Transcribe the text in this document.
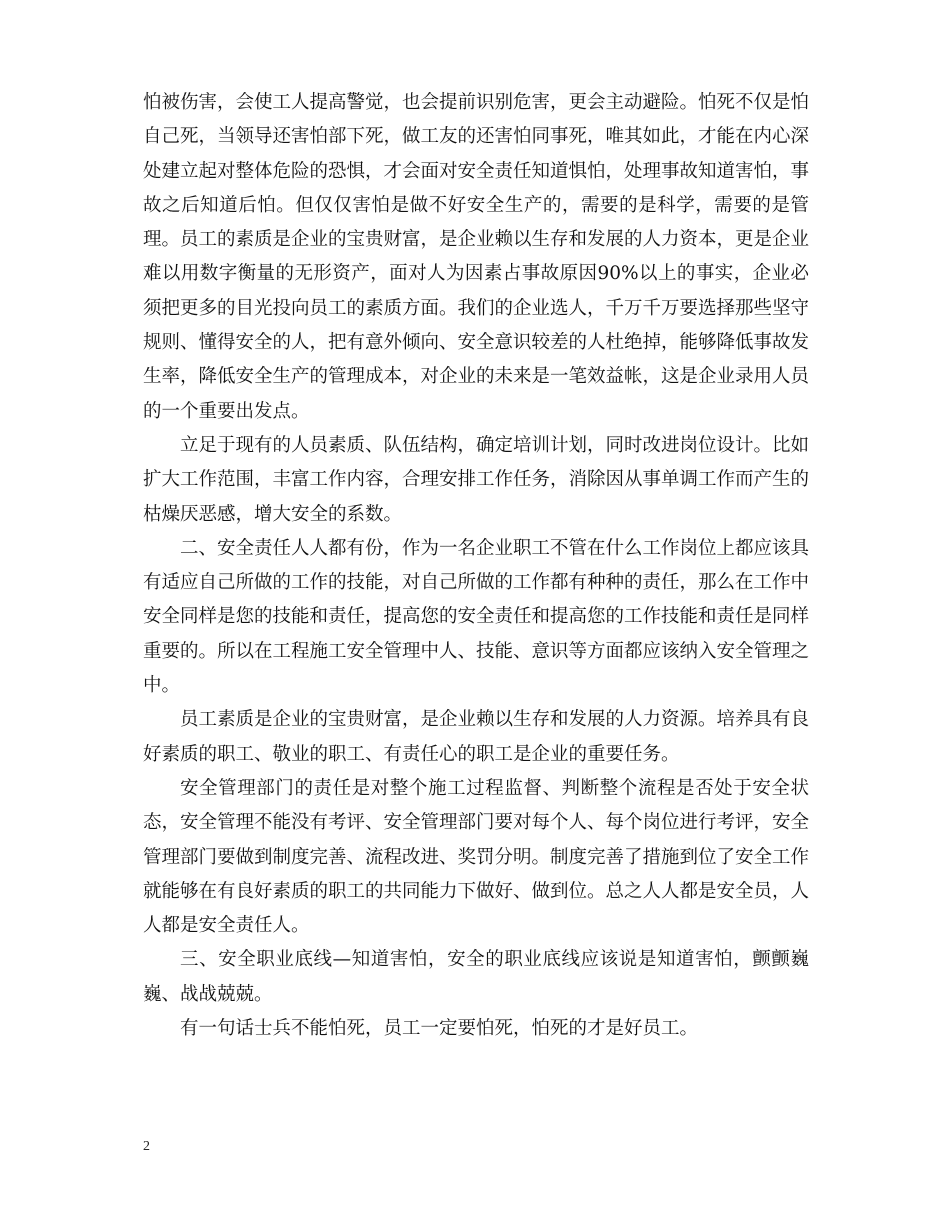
怕被伤害，会使工人提高警觉，也会提前识别危害，更会主动避险。怕死不仅是怕自己死，当领导还害怕部下死，做工友的还害怕同事死，唯其如此，才能在内心深处建立起对整体危险的恐惧，才会面对安全责任知道惧怕，处理事故知道害怕，事故之后知道后怕。但仅仅害怕是做不好安全生产的，需要的是科学，需要的是管理。员工的素质是企业的宝贵财富，是企业赖以生存和发展的人力资本，更是企业难以用数字衡量的无形资产，面对人为因素占事故原因90%以上的事实，企业必须把更多的目光投向员工的素质方面。我们的企业选人，千万千万要选择那些坚守规则、懂得安全的人，把有意外倾向、安全意识较差的人杜绝掉，能够降低事故发生率，降低安全生产的管理成本，对企业的未来是一笔效益帐，这是企业录用人员的一个重要出发点。

立足于现有的人员素质、队伍结构，确定培训计划，同时改进岗位设计。比如扩大工作范围，丰富工作内容，合理安排工作任务，消除因从事单调工作而产生的枯燥厌恶感，增大安全的系数。

二、安全责任人人都有份，作为一名企业职工不管在什么工作岗位上都应该具有适应自己所做的工作的技能，对自己所做的工作都有种种的责任，那么在工作中安全同样是您的技能和责任，提高您的安全责任和提高您的工作技能和责任是同样重要的。所以在工程施工安全管理中人、技能、意识等方面都应该纳入安全管理之中。

员工素质是企业的宝贵财富，是企业赖以生存和发展的人力资源。培养具有良好素质的职工、敬业的职工、有责任心的职工是企业的重要任务。

安全管理部门的责任是对整个施工过程监督、判断整个流程是否处于安全状态，安全管理不能没有考评、安全管理部门要对每个人、每个岗位进行考评，安全管理部门要做到制度完善、流程改进、奖罚分明。制度完善了措施到位了安全工作就能够在有良好素质的职工的共同能力下做好、做到位。总之人人都是安全员，人人都是安全责任人。

三、安全职业底线—知道害怕，安全的职业底线应该说是知道害怕，颤颤巍巍、战战兢兢。

有一句话士兵不能怕死，员工一定要怕死，怕死的才是好员工。

2
